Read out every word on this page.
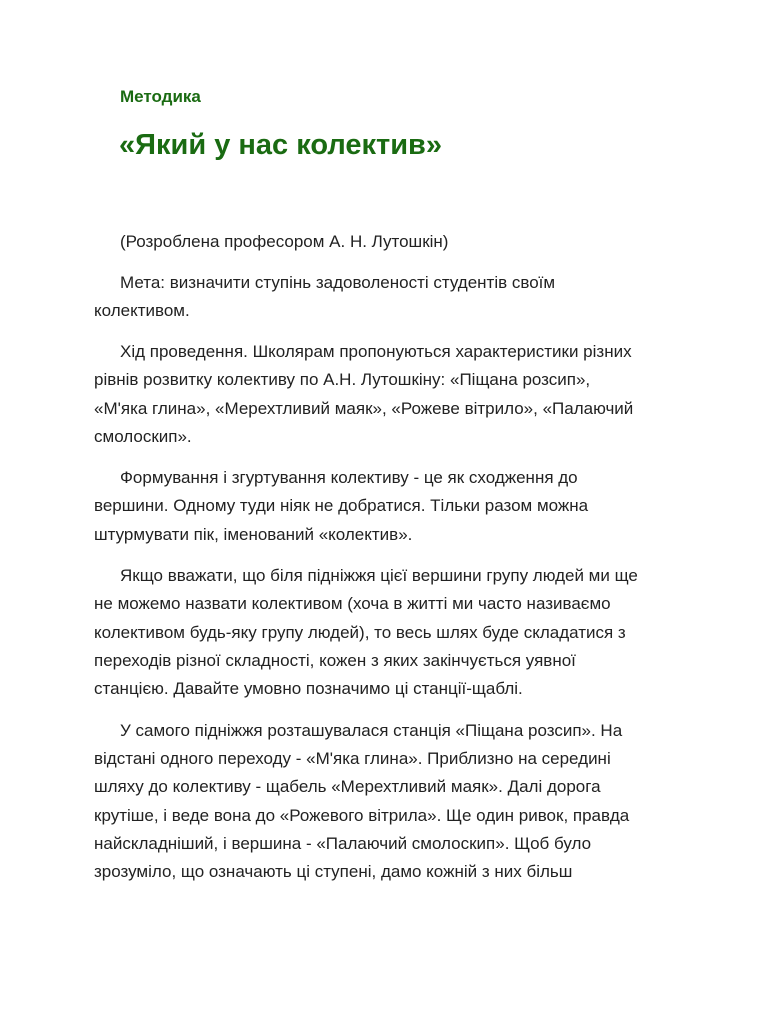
Методика
«Який у нас колектив»
(Розроблена професором А. Н. Лутошкін)
Мета: визначити ступінь задоволеності студентів своїм
колективом.
Хід проведення. Школярам пропонуються характеристики різних
рівнів розвитку колективу по А.Н. Лутошкіну: «Піщана розсип»,
«М'яка глина», «Мерехтливий маяк», «Рожеве вітрило», «Палаючий
смолоскип».
Формування і згуртування колективу - це як сходження до
вершини. Одному туди ніяк не добратися. Тільки разом можна
штурмувати пік, іменований «колектив».
Якщо вважати, що біля підніжжя цієї вершини групу людей ми ще
не можемо назвати колективом (хоча в житті ми часто називаємо
колективом будь-яку групу людей), то весь шлях буде складатися з
переходів різної складності, кожен з яких закінчується уявної
станцією. Давайте умовно позначимо ці станції-щаблі.
У самого підніжжя розташувалася станція «Піщана розсип». На
відстані одного переходу - «М'яка глина». Приблизно на середині
шляху до колективу - щабель «Мерехтливий маяк». Далі дорога
крутіше, і веде вона до «Рожевого вітрила». Ще один ривок, правда
найскладніший, і вершина - «Палаючий смолоскип». Щоб було
зрозуміло, що означають ці ступені, дамо кожній з них більш
